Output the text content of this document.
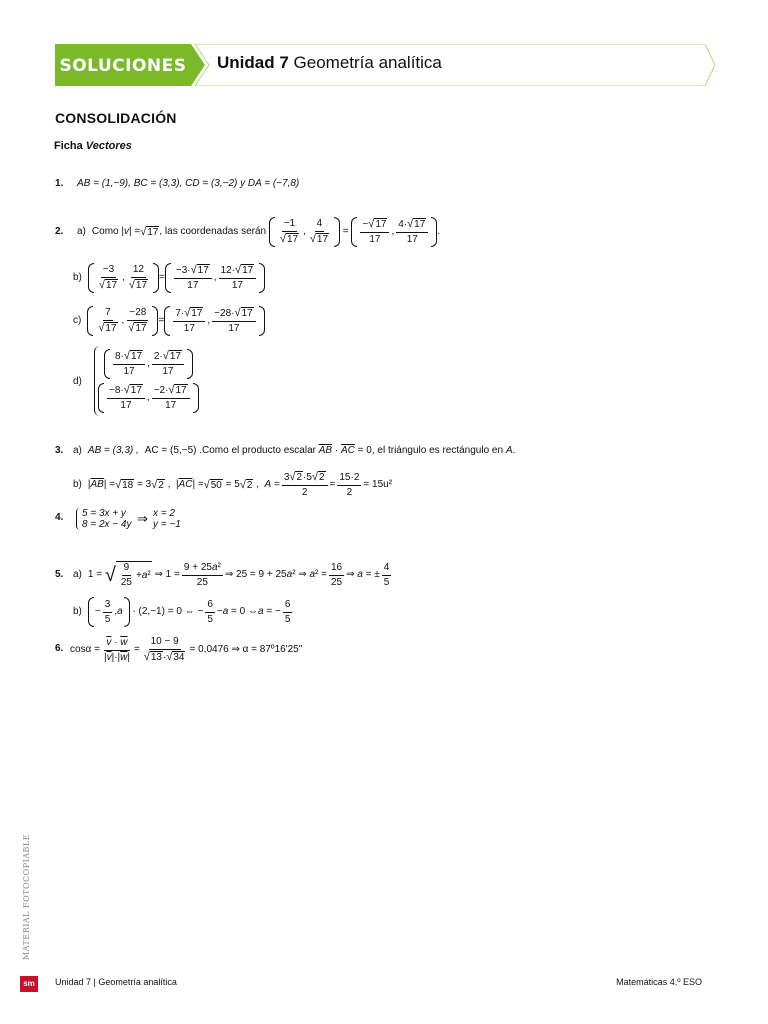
SOLUCIONES Unidad 7 Geometría analítica
CONSOLIDACIÓN
Ficha Vectores
1. AB = (1,−9), BC = (3,3), CD = (3,−2) y DA = (−7,8)
2. a) Como
| v | = √ 17 , las coordenadas serán
$\frac{-1}{√17}$ , $\frac{4}{√17} = \frac{-√17}{17}$ , $\frac{4\cdot√17}{17}$ .
$b) \frac{-3}{√17}$ , $\frac{12}{√17} = \frac{-3\cdot√17}{17}$ , $\frac{12\cdot√17}{17}$
$c) \frac{7}{√17}$ , $\frac{-28}{√17} = \frac{7\cdot√17}{17}$ , $\frac{-28\cdot√17}{17}$
d)
$\frac{8\cdot√17}{17}$ , $\frac{2\cdot√17}{17}$
$\frac{-8\cdot√17}{17}$ , $\frac{-2\cdot√17}{17}$
3. a) AB = (3,3) , AC = (5,−5) .Como el producto escalar
$\overline{AB} \cdot \overline{AC} = 0$ , el triángulo es rectángulo en
A .
b) | $\overline{AB}$ | = √ 18 = 3 √ 2 ,  | $\overline{AC}$ | = √ 50 = 5 √ 2 , $A = \frac{3√2\cdot 5√2}{2} = \frac{15\cdot 2}{2} = 15u^2$
4. 5 = 3x + y
8 = 2x − 4y ⇒ x = 2
y = −1
5. a) 1 = √ $\frac{9}{25} +a^2$ ⇒ $1 = \frac{\text{9 + 25a²}}{25}$ ⇒ 25 = 9 + 25 a ² ⇒ a $^2 = \frac{16}{25}$ ⇒ a = ± $\frac{4}{5}$
b)	− $\frac{3}{5}$ , a · (2,−1) = 0 ⇔ − $\frac{6}{5} - a = 0$ ⇔ a = − $\frac{6}{5}$
6. $\cos\alpha = \frac{\overline{v} \cdot \overline{w}}{|\overline{v}|\cdot|\overline{w}|} = \frac{10 - 9}{√13\cdot√34} = 0,0476$ ⇒ α = 87º16'25''
MATERIAL FOTOCOPIABLE
sm	Unidad 7 | Geometría analítica	Matemáticas 4.º ESO
